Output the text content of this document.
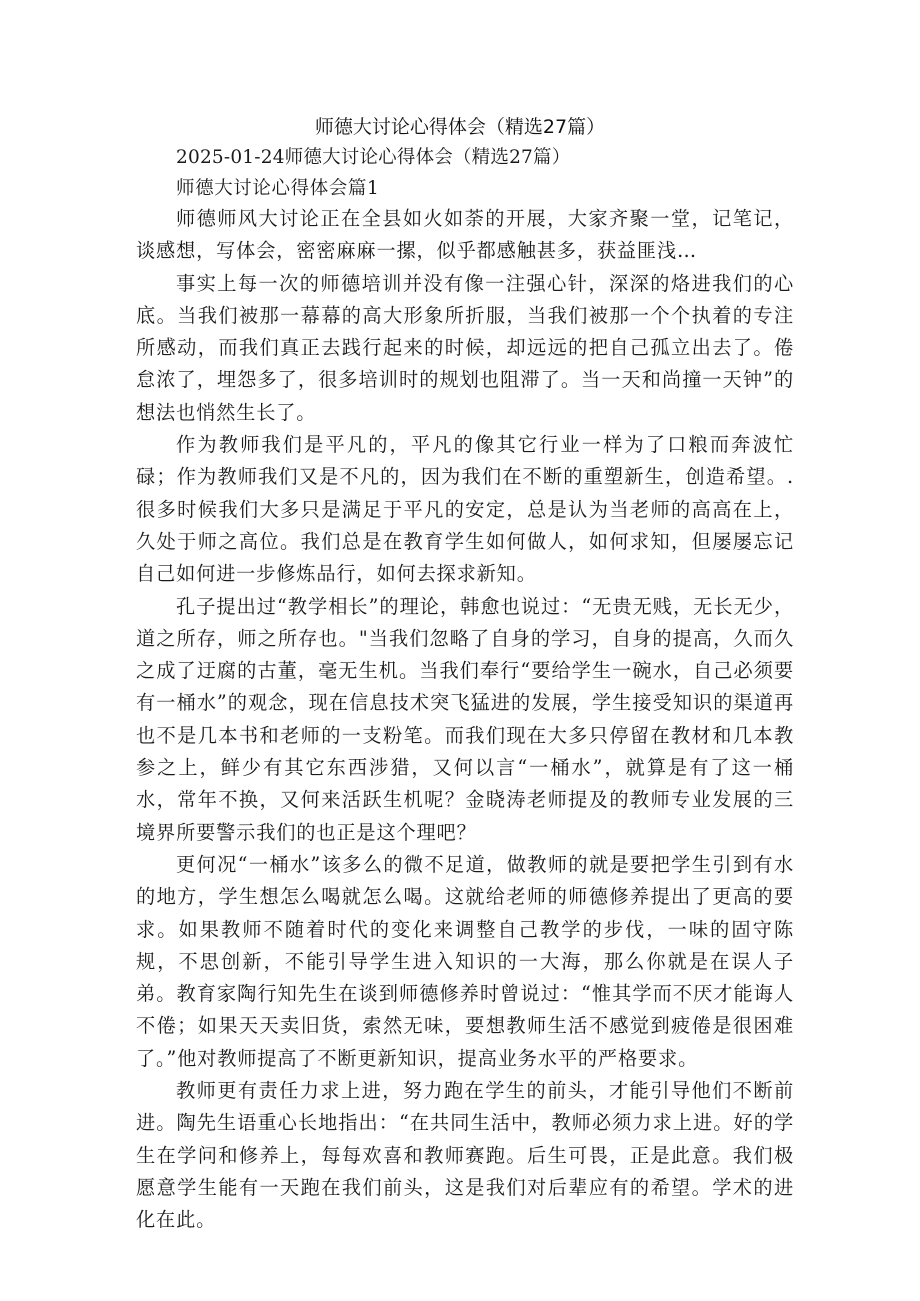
师德大讨论心得体会（精选27篇）

2025-01-24师德大讨论心得体会（精选27篇）

师德大讨论心得体会篇1

师德师风大讨论正在全县如火如荼的开展，大家齐聚一堂，记笔记，谈感想，写体会，密密麻麻一摞，似乎都感触甚多，获益匪浅…

事实上每一次的师德培训并没有像一注强心针，深深的烙进我们的心底。当我们被那一幕幕的高大形象所折服，当我们被那一个个执着的专注所感动，而我们真正去践行起来的时候，却远远的把自己孤立出去了。倦怠浓了，埋怨多了，很多培训时的规划也阻滞了。当一天和尚撞一天钟”的想法也悄然生长了。

作为教师我们是平凡的，平凡的像其它行业一样为了口粮而奔波忙碌；作为教师我们又是不凡的，因为我们在不断的重塑新生，创造希望。.很多时候我们大多只是满足于平凡的安定，总是认为当老师的高高在上，久处于师之高位。我们总是在教育学生如何做人，如何求知，但屡屡忘记自己如何进一步修炼品行，如何去探求新知。

孔子提出过“教学相长”的理论，韩愈也说过：“无贵无贱，无长无少，道之所存，师之所存也。"当我们忽略了自身的学习，自身的提高，久而久之成了迂腐的古董，毫无生机。当我们奉行“要给学生一碗水，自己必须要有一桶水”的观念，现在信息技术突飞猛进的发展，学生接受知识的渠道再也不是几本书和老师的一支粉笔。而我们现在大多只停留在教材和几本教参之上，鲜少有其它东西涉猎，又何以言“一桶水”，就算是有了这一桶水，常年不换，又何来活跃生机呢？金晓涛老师提及的教师专业发展的三境界所要警示我们的也正是这个理吧？

更何况“一桶水”该多么的微不足道，做教师的就是要把学生引到有水的地方，学生想怎么喝就怎么喝。这就给老师的师德修养提出了更高的要求。如果教师不随着时代的变化来调整自己教学的步伐，一味的固守陈规，不思创新，不能引导学生进入知识的一大海，那么你就是在误人子弟。教育家陶行知先生在谈到师德修养时曾说过：“惟其学而不厌才能诲人不倦；如果天天卖旧货，索然无味，要想教师生活不感觉到疲倦是很困难了。”他对教师提高了不断更新知识，提高业务水平的严格要求。

教师更有责任力求上进，努力跑在学生的前头，才能引导他们不断前进。陶先生语重心长地指出：“在共同生活中，教师必须力求上进。好的学生在学问和修养上，每每欢喜和教师赛跑。后生可畏，正是此意。我们极愿意学生能有一天跑在我们前头，这是我们对后辈应有的希望。学术的进化在此。
